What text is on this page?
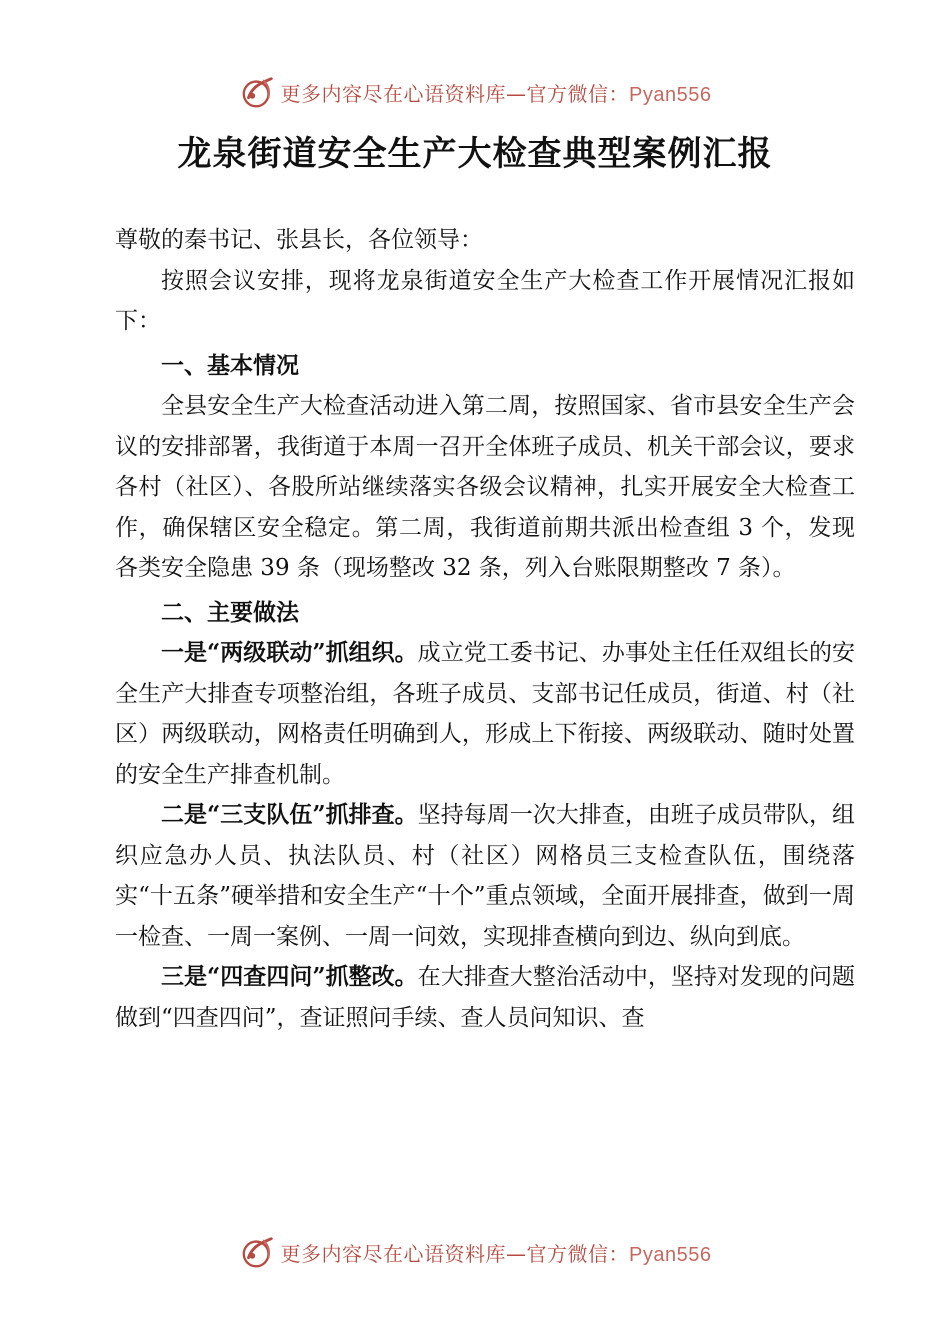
更多内容尽在心语资料库—官方微信：Pyan556
龙泉街道安全生产大检查典型案例汇报

尊敬的秦书记、张县长，各位领导：

按照会议安排，现将龙泉街道安全生产大检查工作开展情况汇报如下：

一、基本情况

全县安全生产大检查活动进入第二周，按照国家、省市县安全生产会议的安排部署，我街道于本周一召开全体班子成员、机关干部会议，要求各村（社区）、各股所站继续落实各级会议精神，扎实开展安全大检查工作，确保辖区安全稳定。第二周，我街道前期共派出检查组 3 个，发现各类安全隐患 39 条（现场整改 32 条，列入台账限期整改 7 条）。

二、主要做法

一是“两级联动”抓组织。成立党工委书记、办事处主任任双组长的安全生产大排查专项整治组，各班子成员、支部书记任成员，街道、村（社区）两级联动，网格责任明确到人，形成上下衔接、两级联动、随时处置的安全生产排查机制。

二是“三支队伍”抓排查。坚持每周一次大排查，由班子成员带队，组织应急办人员、执法队员、村（社区）网格员三支检查队伍，围绕落实“十五条”硬举措和安全生产“十个”重点领域，全面开展排查，做到一周一检查、一周一案例、一周一问效，实现排查横向到边、纵向到底。

三是“四查四问”抓整改。在大排查大整治活动中，坚持对发现的问题做到“四查四问”，查证照问手续、查人员问知识、查

更多内容尽在心语资料库—官方微信：Pyan556
